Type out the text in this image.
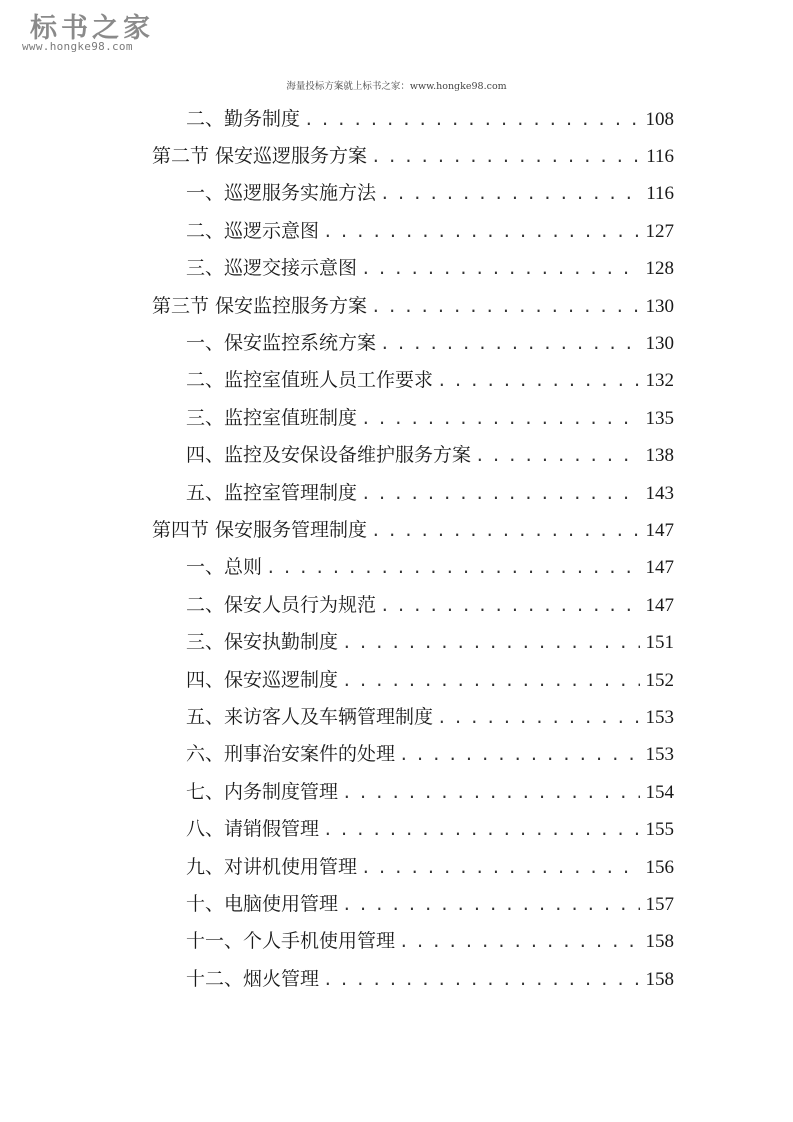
标书之家
www.hongke98.com
海量投标方案就上标书之家：www.hongke98.com
二、勤务制度 . . .	108
第二节 保安巡逻服务方案 . . .	116
一、巡逻服务实施方法 . . .	116
二、巡逻示意图 . . .	127
三、巡逻交接示意图 . . .	128
第三节 保安监控服务方案 . . .	130
一、保安监控系统方案 . . .	130
二、监控室值班人员工作要求 . . .	132
三、监控室值班制度 . . .	135
四、监控及安保设备维护服务方案 . . .	138
五、监控室管理制度 . . .	143
第四节 保安服务管理制度 . . .	147
一、总则 . . .	147
二、保安人员行为规范 . . .	147
三、保安执勤制度 . . .	151
四、保安巡逻制度 . . .	152
五、来访客人及车辆管理制度 . . .	153
六、刑事治安案件的处理 . . .	153
七、内务制度管理 . . .	154
八、请销假管理 . . .	155
九、对讲机使用管理 . . .	156
十、电脑使用管理 . . .	157
十一、个人手机使用管理 . . .	158
十二、烟火管理 . . .	158
